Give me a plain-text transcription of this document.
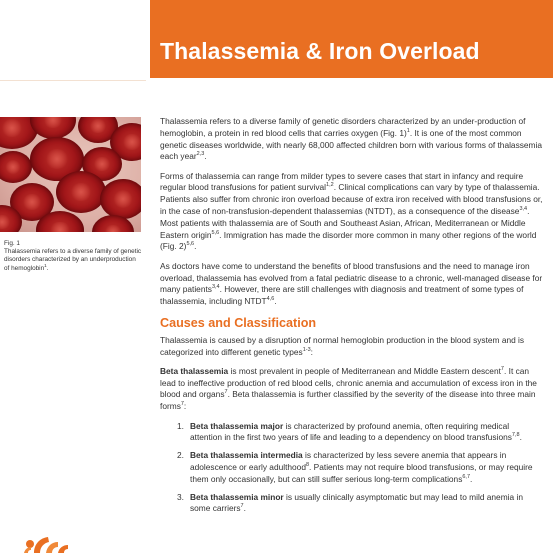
Thalassemia & Iron Overload
Fig. 1
Thalassemia refers to a diverse family of genetic disorders characterized by an underproduction of hemoglobin$^1$.

Thalassemia refers to a diverse family of genetic disorders characterized by an under-production of hemoglobin, a protein in red blood cells that carries oxygen (Fig. 1)$^1$. It is one of the most common genetic diseases worldwide, with nearly 68,000 affected children born with various forms of thalassemia each year$^{2,3}$.

Forms of thalassemia can range from milder types to severe cases that start in infancy and require regular blood transfusions for patient survival$^{1,2}$. Clinical complications can vary by type of thalassemia. Patients also suffer from chronic iron overload because of extra iron received with blood transfusions or, in the case of non-transfusion-dependent thalassemias (NTDT), as a consequence of the disease$^{3,4}$. Most patients with thalassemia are of South and Southeast Asian, African, Mediterranean or Middle Eastern origin$^{5,6}$. Immigration has made the disorder more common in many other regions of the world (Fig. 2)$^{5,6}$.

As doctors have come to understand the benefits of blood transfusions and the need to manage iron overload, thalassemia has evolved from a fatal pediatric disease to a chronic, well-managed disease for many patients$^{3,4}$. However, there are still challenges with diagnosis and treatment of some types of thalassemia, including NTDT$^{4,6}$.

Causes and Classification

Thalassemia is caused by a disruption of normal hemoglobin production in the blood system and is categorized into different genetic types$^{1-3}$:

Beta thalassemia is most prevalent in people of Mediterranean and Middle Eastern descent$^7$. It can lead to ineffective production of red blood cells, chronic anemia and accumulation of excess iron in the blood and organs$^7$. Beta thalassemia is further classified by the severity of the disease into three main forms$^7$:

1. Beta thalassemia major is characterized by profound anemia, often requiring medical attention in the first two years of life and leading to a dependency on blood transfusions$^{7,8}$.
2. Beta thalassemia intermedia is characterized by less severe anemia that appears in adolescence or early adulthood$^8$. Patients may not require blood transfusions, or may require them only occasionally, but can still suffer serious long-term complications$^{6,7}$.
3. Beta thalassemia minor is usually clinically asymptomatic but may lead to mild anemia in some carriers$^7$.
